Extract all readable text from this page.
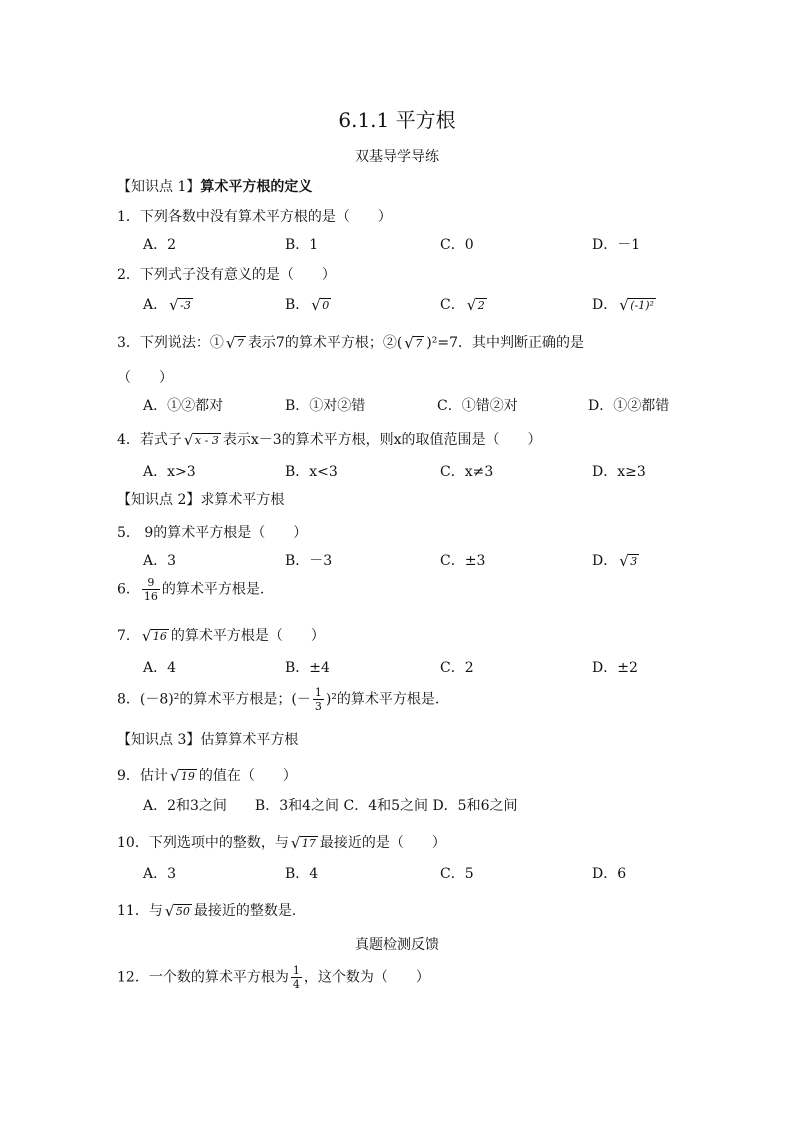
6.1.1 平方根
双基导学导练
【知识点 1】算术平方根的定义
1．下列各数中没有算术平方根的是（　　）
A．2	B．1	C．0	D．－1
2．下列式子没有意义的是（　　）
A． √ -3	B． √ 0	C． √ 2	D． √ (-1)²
3．下列说法：① √ 7 表示7的算术平方根；②( √ 7 )²=7．其中判断正确的是
（　　）
A．①②都对	B．①对②错	C．①错②对	D．①②都错
4．若式子 √ x - 3 表示x－3的算术平方根，则x的取值范围是（　　）
A．x>3	B．x<3	C．x≠3	D．x≥3
【知识点 2】求算术平方根
5． 9的算术平方根是（　　）
A．3	B．－3	C．±3	D． √ 3
6． $\frac{9}{16}$ 的算术平方根是.
7． √ 16 的算术平方根是（　　）
A．4	B．±4	C．2	D．±2
8．(－8)²的算术平方根是；(－ $\frac{1}{3} )^2$的算术平方根是.
【知识点 3】估算算术平方根
9．估计 √ 19 的值在（　　）
A．2和3之间　　B．3和4之间 C．4和5之间 D．5和6之间
10．下列选项中的整数，与 √ 17 最接近的是（　　）
A．3	B．4	C．5	D．6
11．与 √ 50 最接近的整数是.
真题检测反馈
12．一个数的算术平方根为 $\frac{1}{4}$ ，这个数为（　　）
